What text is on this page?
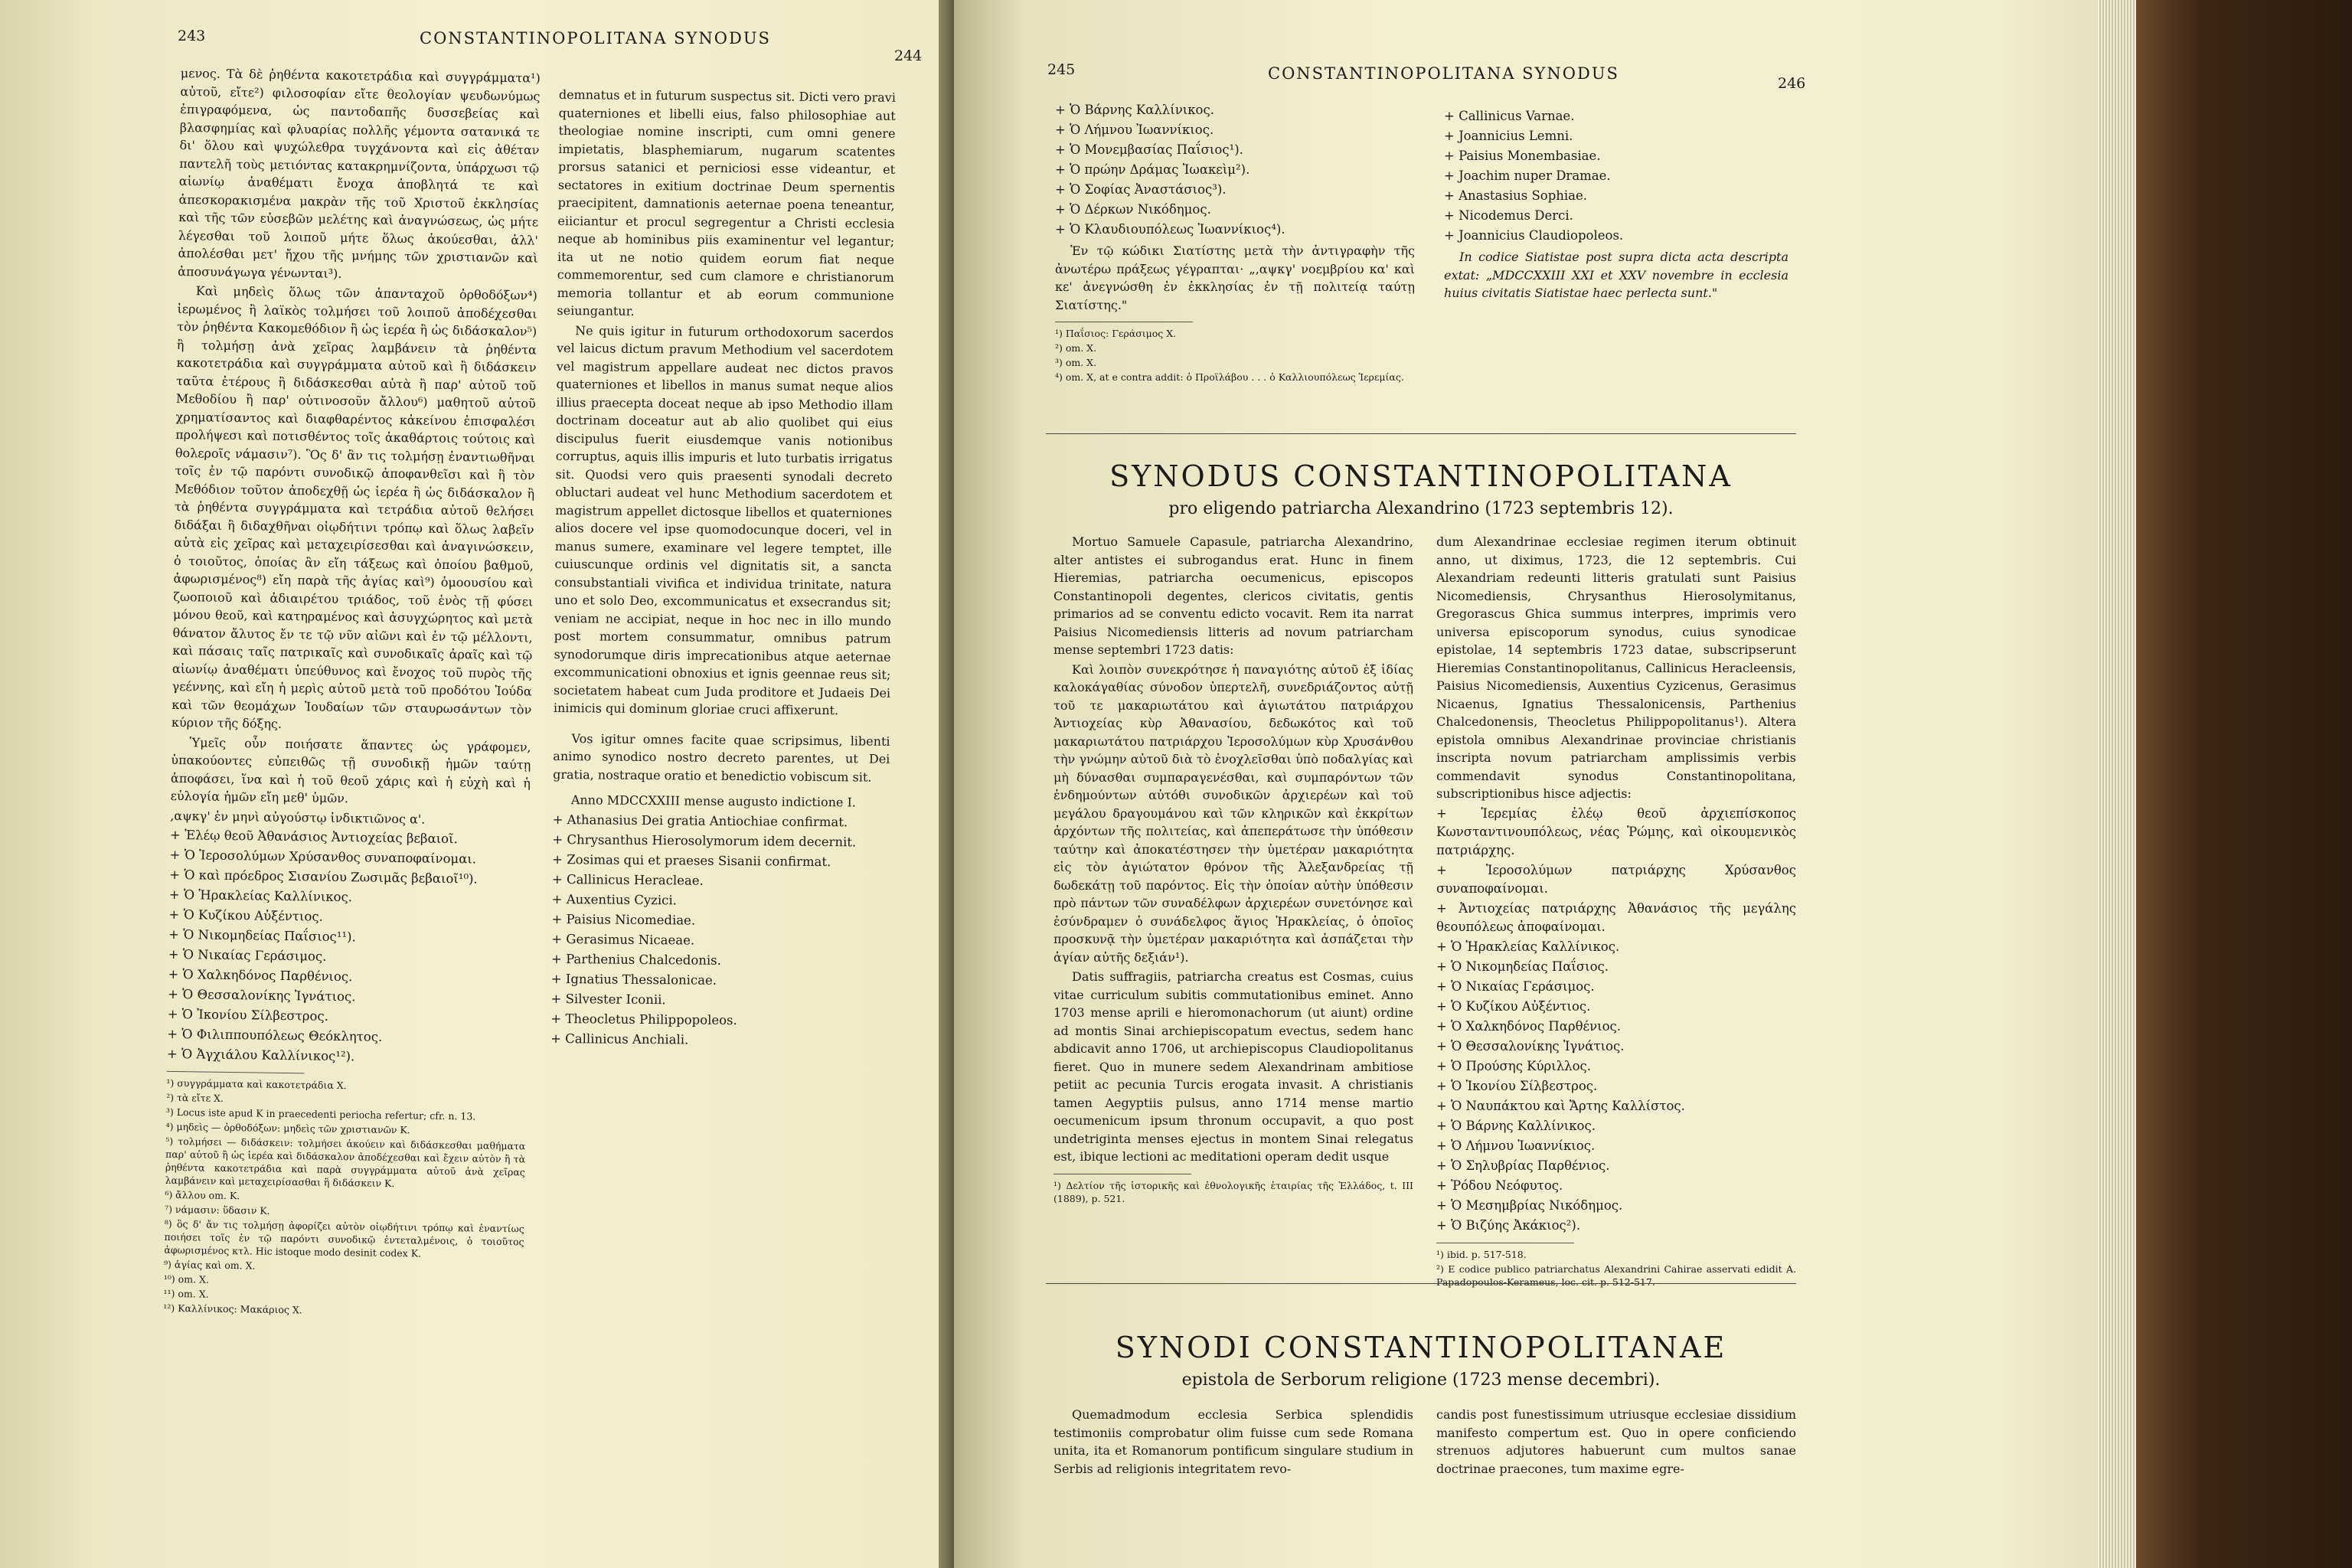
243	CONSTANTINOPOLITANA SYNODUS
244

μενος. Τὰ δὲ ῥηθέντα κακοτετράδια καὶ συγγράμματα¹) αὐτοῦ, εἴτε²) φιλοσοφίαν εἴτε θεολογίαν ψευδωνύμως ἐπιγραφόμενα, ὡς παντοδαπῆς δυσσεβείας καὶ βλασφημίας καὶ φλυαρίας πολλῆς γέμοντα σατανικά τε δι' ὅλου καὶ ψυχώλεθρα τυγχάνοντα καὶ εἰς ἀθέταν παντελῆ τοὺς μετιόντας κατακρημνίζοντα, ὑπάρχωσι τῷ αἰωνίῳ ἀναθέματι ἔνοχα ἀποβλητά τε καὶ ἀπεσκορακισμένα μακρὰν τῆς τοῦ Χριστοῦ ἐκκλησίας καὶ τῆς τῶν εὐσεβῶν μελέτης καὶ ἀναγνώσεως, ὡς μήτε λέγεσθαι τοῦ λοιποῦ μήτε ὅλως ἀκούεσθαι, ἀλλ' ἀπολέσθαι μετ' ἤχου τῆς μνήμης τῶν χριστιανῶν καὶ ἀποσυνάγωγα γένωνται³).

Καὶ μηδεὶς ὅλως τῶν ἁπανταχοῦ ὀρθοδόξων⁴) ἱερωμένος ἢ λαϊκὸς τολμήσει τοῦ λοιποῦ ἀποδέχεσθαι τὸν ῥηθέντα Κακομεθόδιον ἢ ὡς ἱερέα ἢ ὡς διδάσκαλον⁵) ἢ τολμήσῃ ἀνὰ χεῖρας λαμβάνειν τὰ ῥηθέντα κακοτετράδια καὶ συγγράμματα αὐτοῦ καὶ ἢ διδάσκειν ταῦτα ἑτέρους ἢ διδάσκεσθαι αὐτὰ ἢ παρ' αὐτοῦ τοῦ Μεθοδίου ἢ παρ' οὑτινοσοῦν ἄλλου⁶) μαθητοῦ αὐτοῦ χρηματίσαντος καὶ διαφθαρέντος κἀκείνου ἐπισφαλέσι προλήψεσι καὶ ποτισθέντος τοῖς ἀκαθάρτοις τούτοις καὶ θολεροῖς νάμασιν⁷). Ὃς δ' ἂν τις τολμήσῃ ἐναντιωθῆναι τοῖς ἐν τῷ παρόντι συνοδικῷ ἀποφανθεῖσι καὶ ἢ τὸν Μεθόδιον τοῦτον ἀποδεχθῇ ὡς ἱερέα ἢ ὡς διδάσκαλον ἢ τὰ ῥηθέντα συγγράμματα καὶ τετράδια αὐτοῦ θελήσει διδάξαι ἢ διδαχθῆναι οἰῳδήτινι τρόπῳ καὶ ὅλως λαβεῖν αὐτὰ εἰς χεῖρας καὶ μεταχειρίσεσθαι καὶ ἀναγινώσκειν, ὁ τοιοῦτος, ὁποίας ἂν εἴη τάξεως καὶ ὁποίου βαθμοῦ, ἀφωρισμένος⁸) εἴη παρὰ τῆς ἁγίας καὶ⁹) ὁμοουσίου καὶ ζωοποιοῦ καὶ ἀδιαιρέτου τριάδος, τοῦ ἑνὸς τῇ φύσει μόνου θεοῦ, καὶ κατηραμένος καὶ ἀσυγχώρητος καὶ μετὰ θάνατον ἄλυτος ἔν τε τῷ νῦν αἰῶνι καὶ ἐν τῷ μέλλοντι, καὶ πάσαις ταῖς πατρικαῖς καὶ συνοδικαῖς ἀραῖς καὶ τῷ αἰωνίῳ ἀναθέματι ὑπεύθυνος καὶ ἔνοχος τοῦ πυρὸς τῆς γεέννης, καὶ εἴη ἡ μερὶς αὐτοῦ μετὰ τοῦ προδότου Ἰούδα καὶ τῶν θεομάχων Ἰουδαίων τῶν σταυρωσάντων τὸν κύριον τῆς δόξης.

Ὑμεῖς οὖν ποιήσατε ἅπαντες ὡς γράφομεν, ὑπακούοντες εὐπειθῶς τῇ συνοδικῇ ἡμῶν ταύτῃ ἀποφάσει, ἵνα καὶ ἡ τοῦ θεοῦ χάρις καὶ ἡ εὐχὴ καὶ ἡ εὐλογία ἡμῶν εἴη μεθ' ὑμῶν.

,αψκγ' ἐν μηνὶ αὐγούστῳ ἰνδικτιῶνος α'.

+ Ἐλέῳ θεοῦ Ἀθανάσιος Ἀντιοχείας βεβαιοῖ.

+ Ὁ Ἱεροσολύμων Χρύσανθος συναποφαίνομαι.

+ Ὁ καὶ πρόεδρος Σισανίου Ζωσιμᾶς βεβαιοῖ¹⁰).

+ Ὁ Ἡρακλείας Καλλίνικος.

+ Ὁ Κυζίκου Αὐξέντιος.

+ Ὁ Νικομηδείας Παΐσιος¹¹).

+ Ὁ Νικαίας Γεράσιμος.

+ Ὁ Χαλκηδόνος Παρθένιος.

+ Ὁ Θεσσαλονίκης Ἰγνάτιος.

+ Ὁ Ἰκονίου Σίλβεστρος.

+ Ὁ Φιλιππουπόλεως Θεόκλητος.

+ Ὁ Ἀγχιάλου Καλλίνικος¹²).

¹) συγγράμματα καὶ κακοτετράδια X.

²) τὰ εἴτε X.

³) Locus iste apud K in praecedenti periocha refertur; cfr. n. 13.

⁴) μηδεὶς — ὀρθοδόξων: μηδεὶς τῶν χριστιανῶν K.

⁵) τολμήσει — διδάσκειν: τολμήσει ἀκούειν καὶ διδάσκεσθαι μαθήματα παρ' αὐτοῦ ἢ ὡς ἱερέα καὶ διδάσκαλον ἀποδέχεσθαι καὶ ἔχειν αὐτὸν ἢ τὰ ῥηθέντα κακοτετράδια καὶ παρὰ συγγράμματα αὐτοῦ ἀνὰ χεῖρας λαμβάνειν καὶ μεταχειρίσασθαι ἢ διδάσκειν K.

⁶) ἄλλου om. K.

⁷) νάμασιν: ὕδασιν K.

⁸) ὃς δ' ἄν τις τολμήσῃ ἀφορίζει αὐτὸν οἰῳδήτινι τρόπῳ καὶ ἐναντίως ποιήσει τοῖς ἐν τῷ παρόντι συνοδικῷ ἐντεταλμένοις, ὁ τοιοῦτος ἀφωρισμένος κτλ. Hic istoque modo desinit codex K.

⁹) ἁγίας καὶ om. X.

¹⁰) om. X.

¹¹) om. X.

¹²) Καλλίνικος: Μακάριος X.

demnatus et in futurum suspectus sit. Dicti vero pravi quaterniones et libelli eius, falso philosophiae aut theologiae nomine inscripti, cum omni genere impietatis, blasphemiarum, nugarum scatentes prorsus satanici et perniciosi esse videantur, et sectatores in exitium doctrinae Deum spernentis praecipitent, damnationis aeternae poena teneantur, eiiciantur et procul segregentur a Christi ecclesia neque ab hominibus piis examinentur vel legantur; ita ut ne notio quidem eorum fiat neque commemorentur, sed cum clamore e christianorum memoria tollantur et ab eorum communione seiungantur.

Ne quis igitur in futurum orthodoxorum sacerdos vel laicus dictum pravum Methodium vel sacerdotem vel magistrum appellare audeat nec dictos pravos quaterniones et libellos in manus sumat neque alios illius praecepta doceat neque ab ipso Methodio illam doctrinam doceatur aut ab alio quolibet qui eius discipulus fuerit eiusdemque vanis notionibus corruptus, aquis illis impuris et luto turbatis irrigatus sit. Quodsi vero quis praesenti synodali decreto obluctari audeat vel hunc Methodium sacerdotem et magistrum appellet dictosque libellos et quaterniones alios docere vel ipse quomodocunque doceri, vel in manus sumere, examinare vel legere temptet, ille cuiuscunque ordinis vel dignitatis sit, a sancta consubstantiali vivifica et individua trinitate, natura uno et solo Deo, excommunicatus et exsecrandus sit; veniam ne accipiat, neque in hoc nec in illo mundo post mortem consummatur, omnibus patrum synodorumque diris imprecationibus atque aeternae excommunicationi obnoxius et ignis geennae reus sit; societatem habeat cum Juda proditore et Judaeis Dei inimicis qui dominum gloriae cruci affixerunt.

Vos igitur omnes facite quae scripsimus, libenti animo synodico nostro decreto parentes, ut Dei gratia, nostraque oratio et benedictio vobiscum sit.

Anno MDCCXXIII mense augusto indictione I.

+ Athanasius Dei gratia Antiochiae confirmat.

+ Chrysanthus Hierosolymorum idem decernit.

+ Zosimas qui et praeses Sisanii confirmat.

+ Callinicus Heracleae.

+ Auxentius Cyzici.

+ Paisius Nicomediae.

+ Gerasimus Nicaeae.

+ Parthenius Chalcedonis.

+ Ignatius Thessalonicae.

+ Silvester Iconii.

+ Theocletus Philippopoleos.

+ Callinicus Anchiali.

245	CONSTANTINOPOLITANA SYNODUS
246

+ Ὁ Βάρνης Καλλίνικος.

+ Ὁ Λήμνου Ἰωαννίκιος.

+ Ὁ Μονεμβασίας Παΐσιος¹).

+ Ὁ πρώην Δράμας Ἰωακεὶμ²).

+ Ὁ Σοφίας Ἀναστάσιος³).

+ Ὁ Δέρκων Νικόδημος.

+ Ὁ Κλαυδιουπόλεως Ἰωαννίκιος⁴).

Ἐν τῷ κώδικι Σιατίστης μετὰ τὴν ἀντιγραφὴν τῆς ἀνωτέρω πράξεως γέγραπται· „,αψκγ' νοεμβρίου κα' καὶ κε' ἀνεγνώσθη ἐν ἐκκλησίας ἐν τῇ πολιτείᾳ ταύτῃ Σιατίστης."

¹) Παΐσιος: Γεράσιμος X.

²) om. X.

³) om. X.

⁴) om. X, at e contra addit: ὁ Προϊλάβου . . . ὁ Καλλιουπόλεως Ἱερεμίας.

+ Callinicus Varnae.

+ Joannicius Lemni.

+ Paisius Monembasiae.

+ Joachim nuper Dramae.

+ Anastasius Sophiae.

+ Nicodemus Derci.

+ Joannicius Claudiopoleos.

In codice Siatistae post supra dicta acta descripta extat: „MDCCXXIII XXI et XXV novembre in ecclesia huius civitatis Siatistae haec perlecta sunt."

SYNODUS CONSTANTINOPOLITANA
pro eligendo patriarcha Alexandrino (1723 septembris 12).

Mortuo Samuele Capasule, patriarcha Alexandrino, alter antistes ei subrogandus erat. Hunc in finem Hieremias, patriarcha oecumenicus, episcopos Constantinopoli degentes, clericos civitatis, gentis primarios ad se conventu edicto vocavit. Rem ita narrat Paisius Nicomediensis litteris ad novum patriarcham mense septembri 1723 datis:

Καὶ λοιπὸν συνεκρότησε ἡ παναγιότης αὐτοῦ ἐξ ἰδίας καλοκάγαθίας σύνοδον ὑπερτελῆ, συνεδριάζοντος αὐτῇ τοῦ τε μακαριωτάτου καὶ ἁγιωτάτου πατριάρχου Ἀντιοχείας κὺρ Ἀθανασίου, δεδωκότος καὶ τοῦ μακαριωτάτου πατριάρχου Ἱεροσολύμων κὺρ Χρυσάνθου τὴν γνώμην αὐτοῦ διὰ τὸ ἐνοχλεῖσθαι ὑπὸ ποδαλγίας καὶ μὴ δύνασθαι συμπαραγενέσθαι, καὶ συμπαρόντων τῶν ἐνδημούντων αὐτόθι συνοδικῶν ἀρχιερέων καὶ τοῦ μεγάλου δραγουμάνου καὶ τῶν κληρικῶν καὶ ἐκκρίτων ἀρχόντων τῆς πολιτείας, καὶ ἀπεπεράτωσε τὴν ὑπόθεσιν ταύτην καὶ ἀποκατέστησεν τὴν ὑμετέραν μακαριότητα εἰς τὸν ἁγιώτατον θρόνον τῆς Ἀλεξανδρείας τῇ δωδεκάτῃ τοῦ παρόντος. Εἰς τὴν ὁποίαν αὐτὴν ὑπόθεσιν πρὸ πάντων τῶν συναδέλφων ἀρχιερέων συνετόνησε καὶ ἐσύνδραμεν ὁ συνάδελφος ἅγιος Ἡρακλείας, ὁ ὁποῖος προσκυνᾷ τὴν ὑμετέραν μακαριότητα καὶ ἀσπάζεται τὴν ἁγίαν αὐτῆς δεξιάν¹).

Datis suffragiis, patriarcha creatus est Cosmas, cuius vitae curriculum subitis commutationibus eminet. Anno 1703 mense aprili e hieromonachorum (ut aiunt) ordine ad montis Sinai archiepiscopatum evectus, sedem hanc abdicavit anno 1706, ut archiepiscopus Claudiopolitanus fieret. Quo in munere sedem Alexandrinam ambitiose petiit ac pecunia Turcis erogata invasit. A christianis tamen Aegyptiis pulsus, anno 1714 mense martio oecumenicum ipsum thronum occupavit, a quo post undetriginta menses ejectus in montem Sinai relegatus est, ibique lectioni ac meditationi operam dedit usque

¹) Δελτίον τῆς ἱστορικῆς καὶ ἐθνολογικῆς ἑταιρίας τῆς Ἑλλάδος, t. III (1889), p. 521.

dum Alexandrinae ecclesiae regimen iterum obtinuit anno, ut diximus, 1723, die 12 septembris. Cui Alexandriam redeunti litteris gratulati sunt Paisius Nicomediensis, Chrysanthus Hierosolymitanus, Gregorascus Ghica summus interpres, imprimis vero universa episcoporum synodus, cuius synodicae epistolae, 14 septembris 1723 datae, subscripserunt Hieremias Constantinopolitanus, Callinicus Heracleensis, Paisius Nicomediensis, Auxentius Cyzicenus, Gerasimus Nicaenus, Ignatius Thessalonicensis, Parthenius Chalcedonensis, Theocletus Philippopolitanus¹). Altera epistola omnibus Alexandrinae provinciae christianis inscripta novum patriarcham amplissimis verbis commendavit synodus Constantinopolitana, subscriptionibus hisce adjectis:

+ Ἱερεμίας ἐλέῳ θεοῦ ἀρχιεπίσκοπος Κωνσταντινουπόλεως, νέας Ῥώμης, καὶ οἰκουμενικὸς πατριάρχης.

+ Ἱεροσολύμων πατριάρχης Χρύσανθος συναποφαίνομαι.

+ Ἀντιοχείας πατριάρχης Ἀθανάσιος τῆς μεγάλης θεουπόλεως ἀποφαίνομαι.

+ Ὁ Ἡρακλείας Καλλίνικος.

+ Ὁ Νικομηδείας Παΐσιος.

+ Ὁ Νικαίας Γεράσιμος.

+ Ὁ Κυζίκου Αὐξέντιος.

+ Ὁ Χαλκηδόνος Παρθένιος.

+ Ὁ Θεσσαλονίκης Ἰγνάτιος.

+ Ὁ Προύσης Κύριλλος.

+ Ὁ Ἰκονίου Σίλβεστρος.

+ Ὁ Ναυπάκτου καὶ Ἄρτης Καλλίστος.

+ Ὁ Βάρνης Καλλίνικος.

+ Ὁ Λήμνου Ἰωαννίκιος.

+ Ὁ Σηλυβρίας Παρθένιος.

+ Ῥόδου Νεόφυτος.

+ Ὁ Μεσημβρίας Νικόδημος.

+ Ὁ Βιζύης Ἀκάκιος²).

¹) ibid. p. 517-518.

²) E codice publico patriarchatus Alexandrini Cahirae asservati edidit A. Papadopoulos-Kerameus, loc. cit. p. 512-517.

SYNODI CONSTANTINOPOLITANAE
epistola de Serborum religione (1723 mense decembri).

Quemadmodum ecclesia Serbica splendidis testimoniis comprobatur olim fuisse cum sede Romana unita, ita et Romanorum pontificum singulare studium in Serbis ad religionis integritatem revo-

candis post funestissimum utriusque ecclesiae dissidium manifesto compertum est. Quo in opere conficiendo strenuos adjutores habuerunt cum multos sanae doctrinae praecones, tum maxime egre-
